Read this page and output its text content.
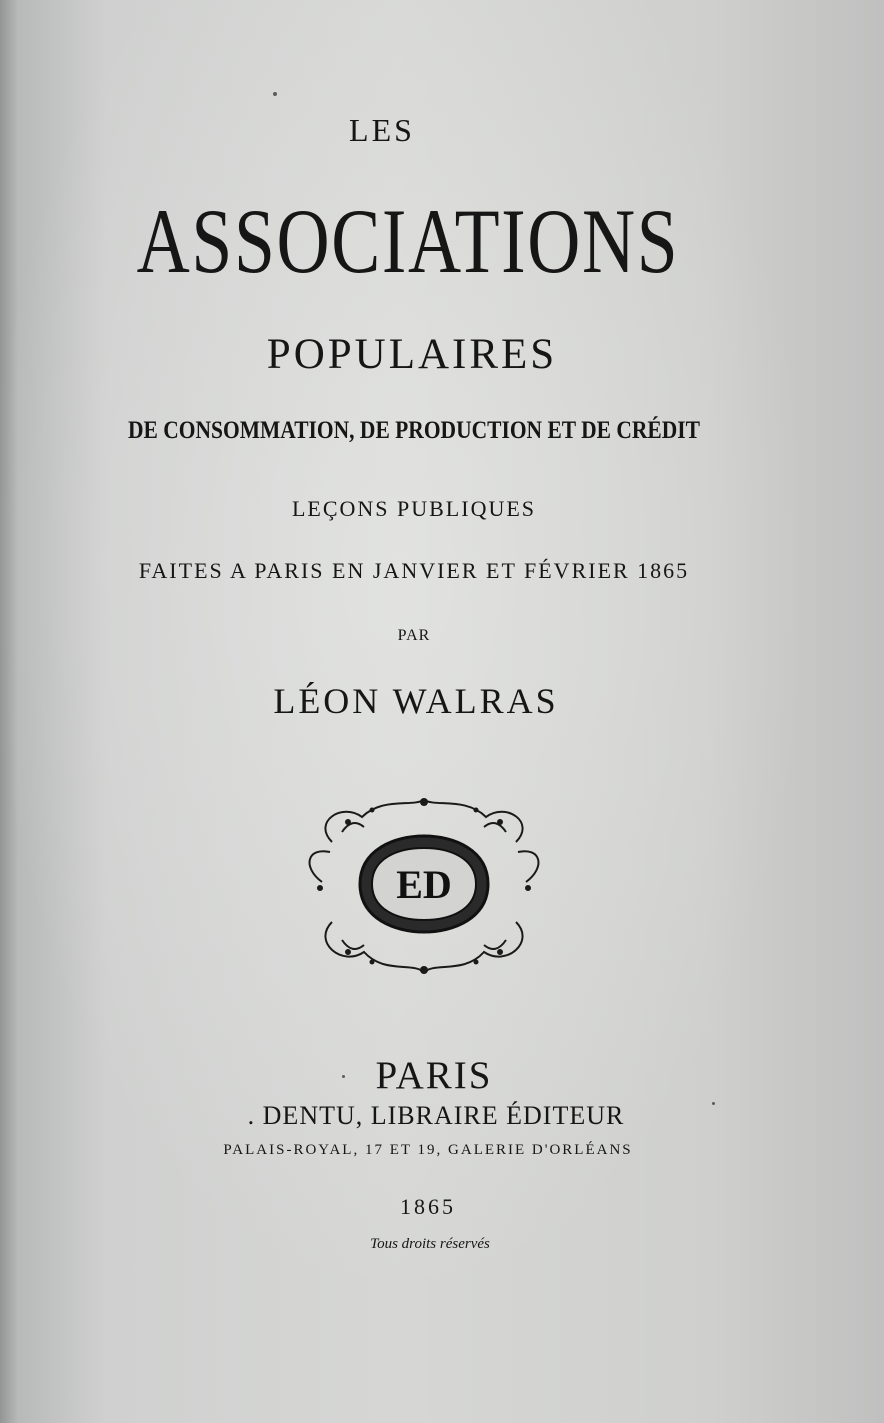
LES

ASSOCIATIONS

POPULAIRES

DE CONSOMMATION, DE PRODUCTION ET DE CRÉDIT

LEÇONS PUBLIQUES

FAITES A PARIS EN JANVIER ET FÉVRIER 1865

PAR

LÉON WALRAS

ED

PARIS

. DENTU, LIBRAIRE ÉDITEUR

PALAIS-ROYAL, 17 ET 19, GALERIE D'ORLÉANS

1865

Tous droits réservés
